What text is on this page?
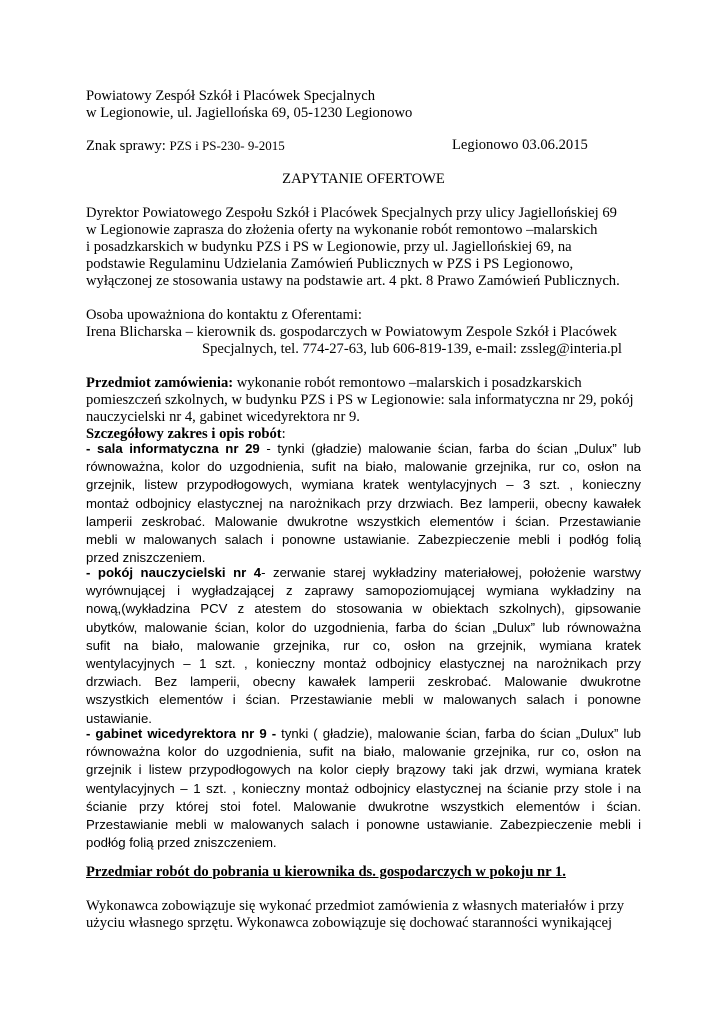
Powiatowy Zespół Szkół i Placówek Specjalnych
w Legionowie, ul. Jagiellońska 69, 05-1230 Legionowo
Znak sprawy: PZS i PS-230- 9-2015	Legionowo 03.06.2015
ZAPYTANIE OFERTOWE
Dyrektor Powiatowego Zespołu Szkół i Placówek Specjalnych przy ulicy Jagiellońskiej 69
w Legionowie zaprasza do złożenia oferty na wykonanie robót remontowo –malarskich
i posadzkarskich w budynku PZS i PS w Legionowie, przy ul. Jagiellońskiej 69, na
podstawie Regulaminu Udzielania Zamówień Publicznych w PZS i PS Legionowo,
wyłączonej ze stosowania ustawy na podstawie art. 4 pkt. 8 Prawo Zamówień Publicznych.
Osoba upoważniona do kontaktu z Oferentami:
Irena Blicharska – kierownik ds. gospodarczych w Powiatowym Zespole Szkół i Placówek
Specjalnych, tel. 774-27-63, lub 606-819-139, e-mail: zssleg@interia.pl
Przedmiot zamówienia: wykonanie robót remontowo –malarskich i posadzkarskich
pomieszczeń szkolnych, w budynku PZS i PS w Legionowie: sala informatyczna nr 29, pokój
nauczycielski nr 4, gabinet wicedyrektora nr 9.
Szczegółowy zakres i opis robót:
- sala informatyczna nr 29 - tynki (gładzie) malowanie ścian, farba do ścian „Dulux” lub
równoważna, kolor do uzgodnienia, sufit na biało, malowanie grzejnika, rur co, osłon na
grzejnik, listew przypodłogowych, wymiana kratek wentylacyjnych – 3 szt. , konieczny
montaż odbojnicy elastycznej na narożnikach przy drzwiach. Bez lamperii, obecny kawałek
lamperii zeskrobać. Malowanie dwukrotne wszystkich elementów i ścian. Przestawianie
mebli w malowanych salach i ponowne ustawianie. Zabezpieczenie mebli i podłóg folią
przed zniszczeniem.
- pokój nauczycielski nr 4- zerwanie starej wykładziny materiałowej, położenie warstwy
wyrównującej i wygładzającej z zaprawy samopoziomującej wymiana wykładziny na
nową,(wykładzina PCV z atestem do stosowania w obiektach szkolnych), gipsowanie
ubytków, malowanie ścian, kolor do uzgodnienia, farba do ścian „Dulux” lub równoważna
sufit na biało, malowanie grzejnika, rur co, osłon na grzejnik, wymiana kratek
wentylacyjnych – 1 szt. , konieczny montaż odbojnicy elastycznej na narożnikach przy
drzwiach. Bez lamperii, obecny kawałek lamperii zeskrobać. Malowanie dwukrotne
wszystkich elementów i ścian. Przestawianie mebli w malowanych salach i ponowne
ustawianie.
- gabinet wicedyrektora nr 9 - tynki ( gładzie), malowanie ścian, farba do ścian „Dulux” lub
równoważna kolor do uzgodnienia, sufit na biało, malowanie grzejnika, rur co, osłon na
grzejnik i listew przypodłogowych na kolor ciepły brązowy taki jak drzwi, wymiana kratek
wentylacyjnych – 1 szt. , konieczny montaż odbojnicy elastycznej na ścianie przy stole i na
ścianie przy której stoi fotel. Malowanie dwukrotne wszystkich elementów i ścian.
Przestawianie mebli w malowanych salach i ponowne ustawianie. Zabezpieczenie mebli i
podłóg folią przed zniszczeniem.
Przedmiar robót do pobrania u kierownika ds. gospodarczych w pokoju nr 1.
Wykonawca zobowiązuje się wykonać przedmiot zamówienia z własnych materiałów i przy
użyciu własnego sprzętu. Wykonawca zobowiązuje się dochować staranności wynikającej
